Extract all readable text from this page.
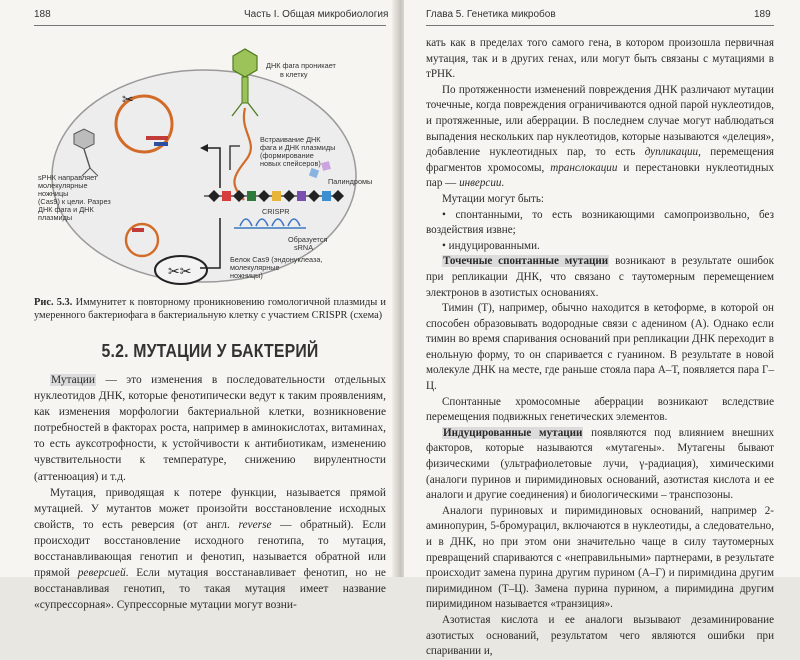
188	Часть I. Общая микробиология
✂
✂✂
ДНК фага проникает
в клетку
Встраивание ДНК
фага и ДНК плазмиды
(формирование
новых спейсеров)
Палиндромы
CRISPR
Образуется
sRNA
sРНК направляет
молекулярные
ножницы
(Cas9) к цели. Разрез
ДНК фага и ДНК
плазмиды
Белок Cas9 (эндонуклеаза,
молекулярные
ножницы)
Рис. 5.3. Иммунитет к повторному проникновению гомологичной плазмиды и умеренного бактериофага в бактериальную клетку с участием CRISPR (схема)
5.2. МУТАЦИИ У БАКТЕРИЙ

Мутации — это изменения в последовательности отдельных нуклеотидов ДНК, которые фенотипически ведут к таким проявлениям, как изменения морфологии бактериальной клетки, возникновение потребностей в факторах роста, например в аминокислотах, витаминах, то есть ауксотрофности, к устойчивости к антибиотикам, изменению чувствительности к температуре, снижению вирулентности (аттенюация) и т.д.

Мутация, приводящая к потере функции, называется прямой мутацией. У мутантов может произойти восстановление исходных свойств, то есть реверсия (от англ. reverse — обратный). Если происходит восстановление исходного генотипа, то мутация, восстанавливающая генотип и фенотип, называется обратной или прямой реверсией. Если мутация восстанавливает фенотип, но не восстанавливая генотип, то такая мутация имеет название «супрессорная». Супрессорные мутации могут возни-

Глава 5. Генетика микробов	189

кать как в пределах того самого гена, в котором произошла первичная мутация, так и в других генах, или могут быть связаны с мутациями в тРНК.

По протяженности изменений повреждения ДНК различают мутации точечные, когда повреждения ограничиваются одной парой нуклеотидов, и протяженные, или аберрации. В последнем случае могут наблюдаться выпадения нескольких пар нуклеотидов, которые называются «делеция», добавление нуклеотидных пар, то есть дупликации, перемещения фрагментов хромосомы, транслокации и перестановки нуклеотидных пар — инверсии.

Мутации могут быть:

• спонтанными, то есть возникающими самопроизвольно, без воздействия извне;
• индуцированными.

Точечные спонтанные мутации возникают в результате ошибок при репликации ДНК, что связано с таутомерным перемещением электронов в азотистых основаниях.

Тимин (Т), например, обычно находится в кетоформе, в которой он способен образовывать водородные связи с аденином (А). Однако если тимин во время спаривания оснований при репликации ДНК переходит в енольную форму, то он спаривается с гуанином. В результате в новой молекуле ДНК на месте, где раньше стояла пара А–Т, появляется пара Г–Ц.

Спонтанные хромосомные аберрации возникают вследствие перемещения подвижных генетических элементов.

Индуцированные мутации появляются под влиянием внешних факторов, которые называются «мутагены». Мутагены бывают физическими (ультрафиолетовые лучи, γ-радиация), химическими (аналоги пуринов и пиримидиновых оснований, азотистая кислота и ее аналоги и другие соединения) и биологическими – транспозоны.

Аналоги пуриновых и пиримидиновых оснований, например 2-аминопурин, 5-бромурацил, включаются в нуклеотиды, а следовательно, и в ДНК, но при этом они значительно чаще в силу таутомерных превращений спариваются с «неправильными» партнерами, в результате происходит замена пурина другим пурином (А–Г) и пиримидина другим пиримидином (Т–Ц). Замена пурина пурином, а пиримидина другим пиримидином называется «транзиция».

Азотистая кислота и ее аналоги вызывают дезаминирование азотистых оснований, результатом чего являются ошибки при спаривании и,
